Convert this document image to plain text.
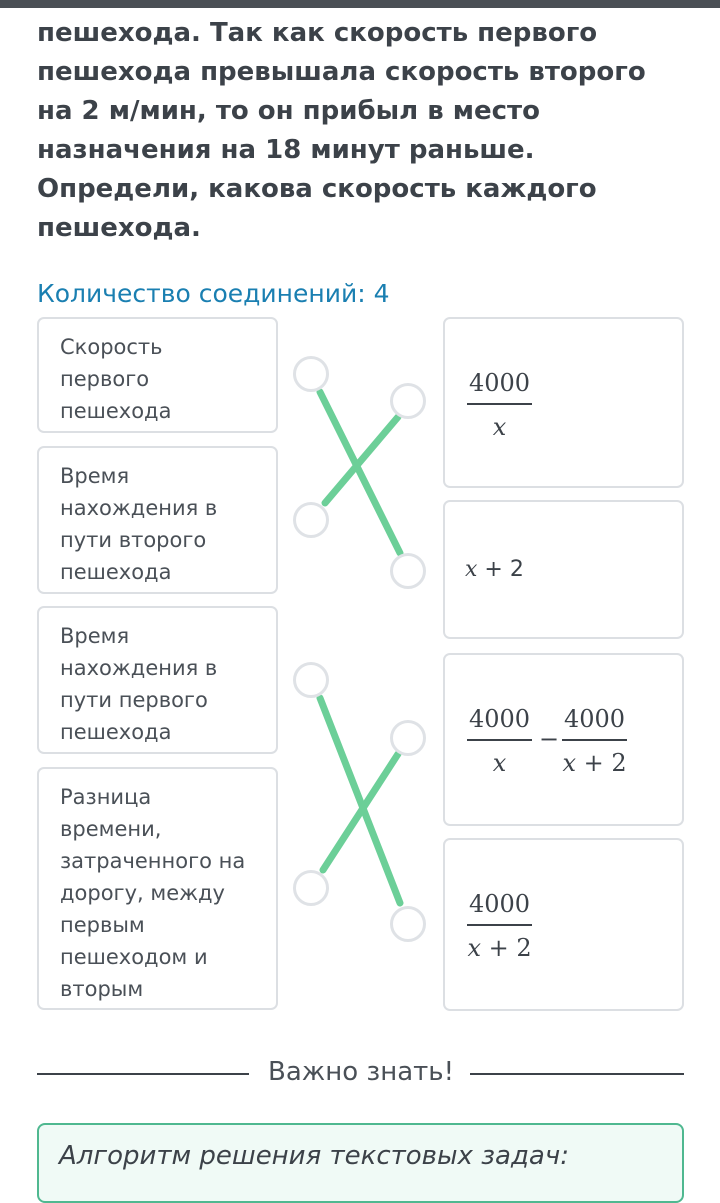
пешехода. Так как скорость первого
пешехода превышала скорость второго
на 2 м/мин, то он прибыл в место
назначения на 18 минут раньше.
Определи, какова скорость каждого
пешехода.
Количество соединений: 4
Скорость
первого
пешехода
Время
нахождения в
пути второго
пешехода
Время
нахождения в
пути первого
пешехода
Разница
времени,
затраченного на
дорогу, между
первым
пешеходом и
вторым
4000
x
x + 2
4000
x
−
4000
x + 2
4000
x + 2
Важно знать!
Алгоритм решения текстовых задач:
